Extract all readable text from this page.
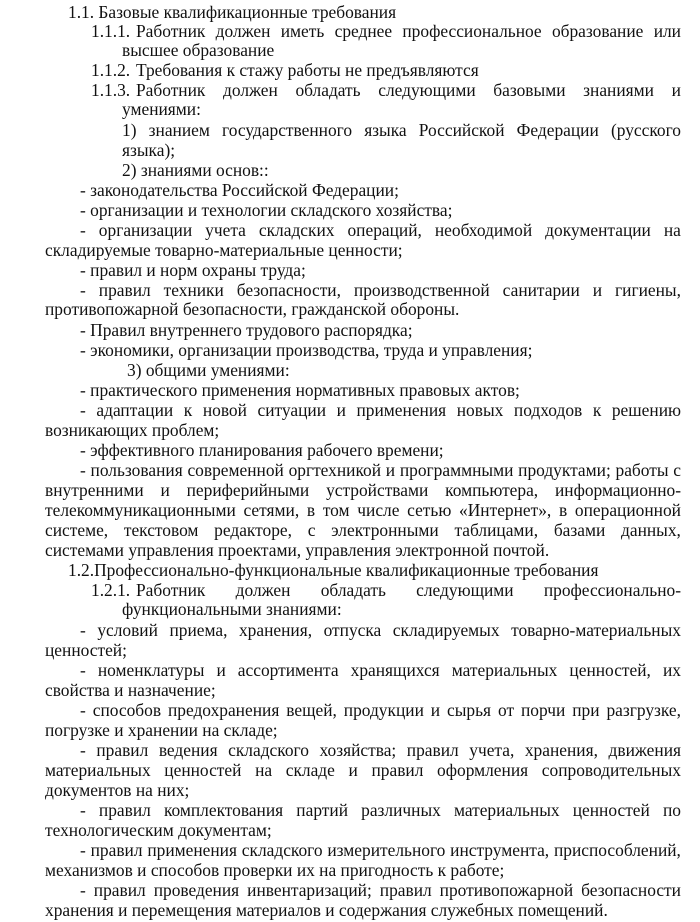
1.1. Базовые квалификационные требования
1.1.1. Работник должен иметь среднее профессиональное образование или
высшее образование
1.1.2. Требования к стажу работы не предъявляются
1.1.3. Работник должен обладать следующими базовыми знаниями и
умениями:
1) знанием государственного языка Российской Федерации (русского
языка);
2) знаниями основ::
- законодательства Российской Федерации;
- организации и технологии складского хозяйства;
- организации учета складских операций, необходимой документации на
складируемые товарно-материальные ценности;
- правил и норм охраны труда;
- правил техники безопасности, производственной санитарии и гигиены,
противопожарной безопасности, гражданской обороны.
- Правил внутреннего трудового распорядка;
- экономики, организации производства, труда и управления;
3) общими умениями:
- практического применения нормативных правовых актов;
- адаптации к новой ситуации и применения новых подходов к решению
возникающих проблем;
- эффективного планирования рабочего времени;
- пользования современной оргтехникой и программными продуктами; работы с
внутренними и периферийными устройствами компьютера, информационно-
телекоммуникационными сетями, в том числе сетью «Интернет», в операционной
системе, текстовом редакторе, с электронными таблицами, базами данных,
системами управления проектами, управления электронной почтой.
1.2.Профессионально-функциональные квалификационные требования
1.2.1. Работник должен обладать следующими профессионально-
функциональными знаниями:
- условий приема, хранения, отпуска складируемых товарно-материальных
ценностей;
- номенклатуры и ассортимента хранящихся материальных ценностей, их
свойства и назначение;
- способов предохранения вещей, продукции и сырья от порчи при разгрузке,
погрузке и хранении на складе;
- правил ведения складского хозяйства; правил учета, хранения, движения
материальных ценностей на складе и правил оформления сопроводительных
документов на них;
- правил комплектования партий различных материальных ценностей по
технологическим документам;
- правил применения складского измерительного инструмента, приспособлений,
механизмов и способов проверки их на пригодность к работе;
- правил проведения инвентаризаций; правил противопожарной безопасности
хранения и перемещения материалов и содержания служебных помещений.
